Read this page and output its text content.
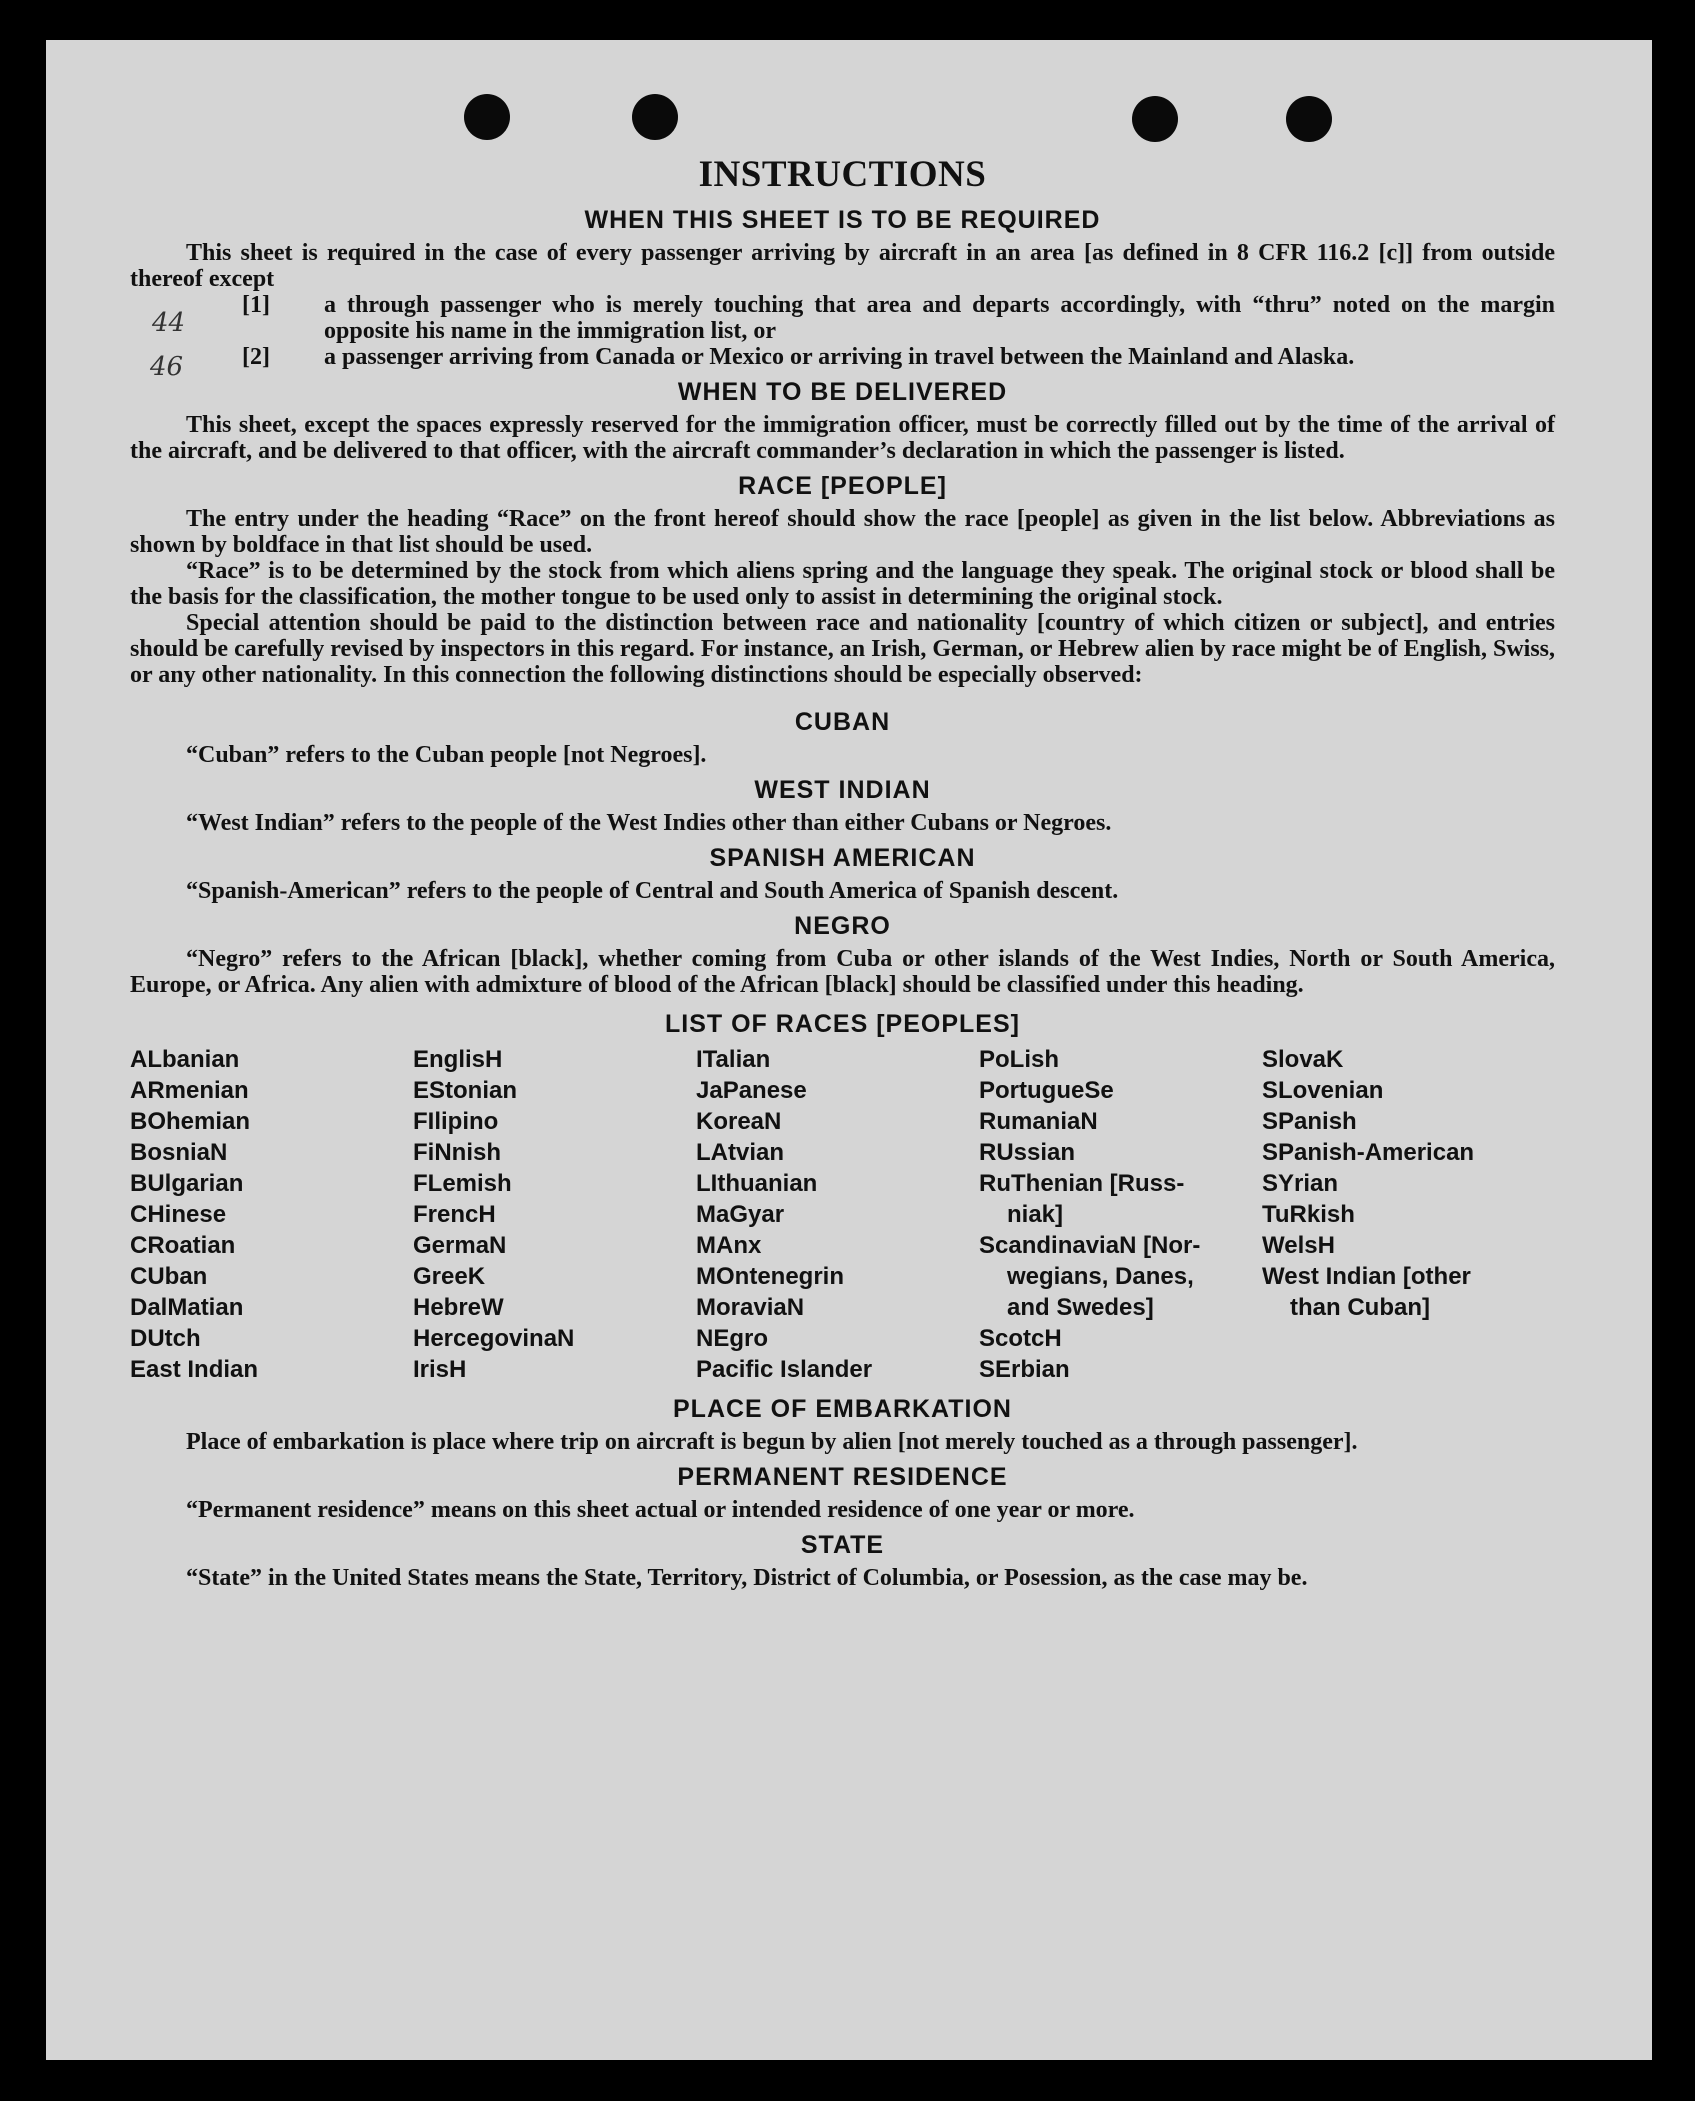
44
46
INSTRUCTIONS
WHEN THIS SHEET IS TO BE REQUIRED

This sheet is required in the case of every passenger arriving by aircraft in an area [as defined in 8 CFR 116.2 [c]] from outside thereof except

[1]	a through passenger who is merely touching that area and departs accordingly, with “thru” noted on the margin opposite his name in the immigration list, or

[2]	a passenger arriving from Canada or Mexico or arriving in travel between the Mainland and Alaska.

WHEN TO BE DELIVERED

This sheet, except the spaces expressly reserved for the immigration officer, must be correctly filled out by the time of the arrival of the aircraft, and be delivered to that officer, with the aircraft commander’s declaration in which the passenger is listed.

RACE [PEOPLE]

The entry under the heading “Race” on the front hereof should show the race [people] as given in the list below. Abbreviations as shown by boldface in that list should be used.

“Race” is to be determined by the stock from which aliens spring and the language they speak. The original stock or blood shall be the basis for the classification, the mother tongue to be used only to assist in determining the original stock.

Special attention should be paid to the distinction between race and nationality [country of which citizen or subject], and entries should be carefully revised by inspectors in this regard. For instance, an Irish, German, or Hebrew alien by race might be of English, Swiss, or any other nationality. In this connection the following distinctions should be especially observed:

CUBAN

“Cuban” refers to the Cuban people [not Negroes].

WEST INDIAN

“West Indian” refers to the people of the West Indies other than either Cubans or Negroes.

SPANISH AMERICAN

“Spanish-American” refers to the people of Central and South America of Spanish descent.

NEGRO

“Negro” refers to the African [black], whether coming from Cuba or other islands of the West Indies, North or South America, Europe, or Africa. Any alien with admixture of blood of the African [black] should be classified under this heading.

LIST OF RACES [PEOPLES]
ALbanian
ARmenian
BOhemian
BosniaN
BUlgarian
CHinese
CRoatian
CUban
DalMatian
DUtch
East Indian
EnglisH
EStonian
FIlipino
FiNnish
FLemish
FrencH
GermaN
GreeK
HebreW
HercegovinaN
IrisH
ITalian
JaPanese
KoreaN
LAtvian
LIthuanian
MaGyar
MAnx
MOntenegrin
MoraviaN
NEgro
Pacific Islander
PoLish
PortugueSe
RumaniaN
RUssian
RuThenian [Russ-
niak]
ScandinaviaN [Nor-
wegians, Danes,
and Swedes]
ScotcH
SErbian
SlovaK
SLovenian
SPanish
SPanish-American
SYrian
TuRkish
WelsH
West Indian [other
than Cuban]
PLACE OF EMBARKATION

Place of embarkation is place where trip on aircraft is begun by alien [not merely touched as a through passenger].

PERMANENT RESIDENCE

“Permanent residence” means on this sheet actual or intended residence of one year or more.

STATE

“State” in the United States means the State, Territory, District of Columbia, or Posession, as the case may be.
